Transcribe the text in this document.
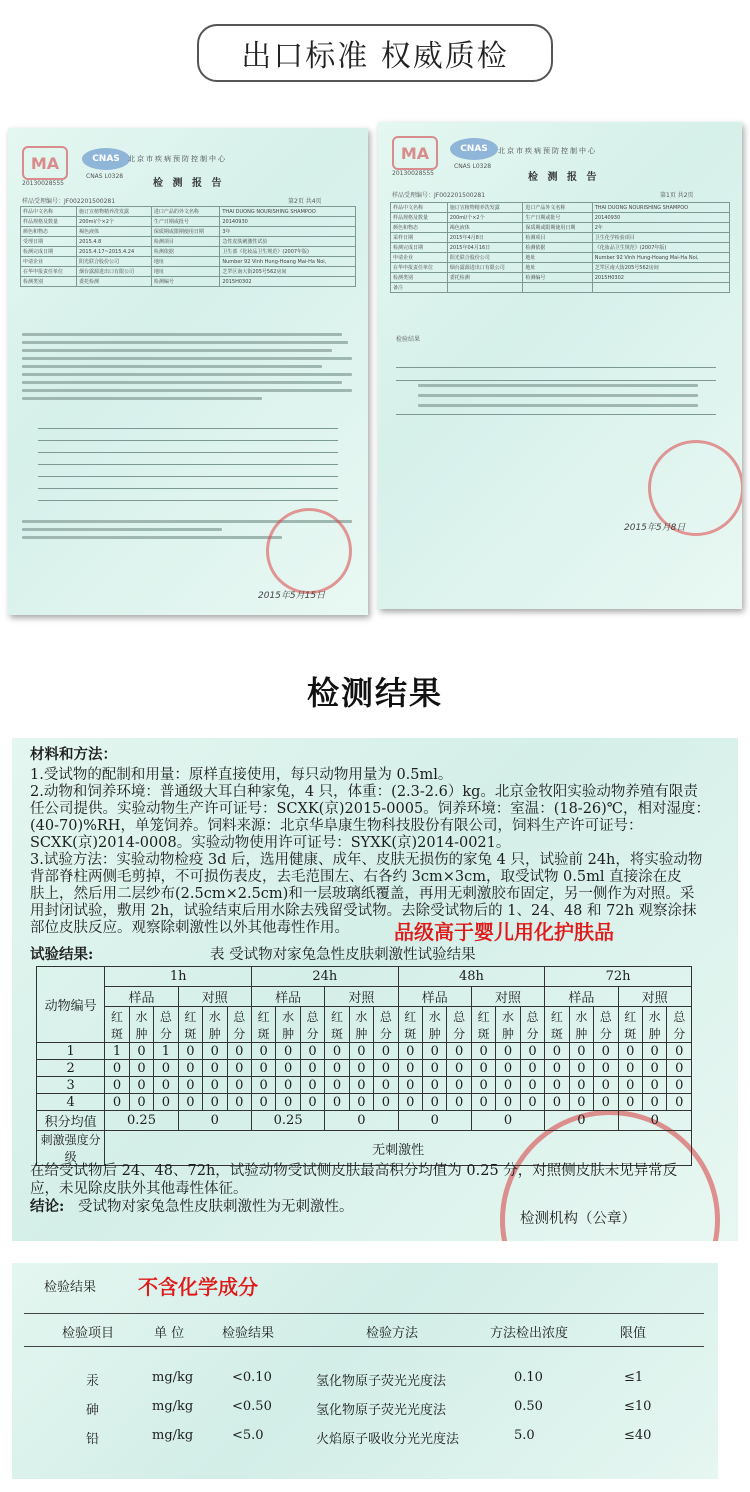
出口标准 权威质检
MA
20130028555
CNAS
CNAS L0328
北京市疾病预防控制中心
检 测 报 告
样品受理编号：JF002201500281	第2页 共4页
样品中文名称	施订宣植物精养洗发露	进口产品的外文名称	THAI DUONG NOURISHING SHAMPOO
样品规格及数量	200ml/个×2个	生产日期或批号	20140930
颜色和物态	褐色液体	保质期或限期使用日期	3年
受理日期	2015.4.8	检测项目	急性皮肤刺激性试验
检测完成日期	2015.4.17~2015.4.24	检测依据	卫生部《化妆品卫生规范》(2007年版)
申请企业	阳光联合股份公司	地址	Number 92 Vinh Hung-Hoang Mai-Ha Noi,
在华申报责任单位	烟台露源进出口有限公司	地址	芝罘区南大街205号562房间
检测类别	委托检测	检测编号	2015H0302
2015年5月15日
MA
20130028555
CNAS
CNAS L0328
北京市疾病预防控制中心
检 测 报 告
样品受理编号：JF002201500281	第1页 共2页
样品中文名称	施订宣植物精养洗发露	进口产品外文名称	THAI DUONG NOURISHING SHAMPOO
样品规格及数量	200ml/个×2个	生产日期或批号	20140930
颜色和物态	褐色液体	保质期或限期使用日期	2年
采样日期	2015年4月8日	检测项目	卫生化学检验项目
检测完成日期	2015年04月16日	检测依据	《化妆品卫生规范》(2007年版)
申请企业	阳光联合股份公司	地址	Number 92 Vinh Hung-Hoang Mai-Ha Noi,
在华申报责任单位	烟台露源进出口有限公司	地址	芝罘区南大街205号562房间
检测类别	委托检测	检测编号	2015H0302
备注			
检验结果
2015年5月8日
检测结果
材料和方法：
1.受试物的配制和用量：原样直接使用，每只动物用量为 0.5ml。
2.动物和饲养环境：普通级大耳白种家兔，4 只，体重：(2.3-2.6）kg。北京金牧阳实验动物养殖有限责
任公司提供。实验动物生产许可证号：SCXK(京)2015-0005。饲养环境：室温：(18-26)℃，相对湿度：
(40-70)%RH，单笼饲养。饲料来源：北京华阜康生物科技股份有限公司，饲料生产许可证号：
SCXK(京)2014-0008。实验动物使用许可证号：SYXK(京)2014-0021。
3.试验方法：实验动物检疫 3d 后，选用健康、成年、皮肤无损伤的家兔 4 只，试验前 24h，将实验动物
背部脊柱两侧毛剪掉，不可损伤表皮，去毛范围左、右各约 3cm×3cm，取受试物 0.5ml 直接涂在皮
肤上，然后用二层纱布(2.5cm×2.5cm)和一层玻璃纸覆盖，再用无刺激胶布固定，另一侧作为对照。采
用封闭试验，敷用 2h，试验结束后用水除去残留受试物。去除受试物后的 1、24、48 和 72h 观察涂抹
部位皮肤反应。观察除刺激性以外其他毒性作用。 品级高于婴儿用化护肤品
试验结果:	表 受试物对家兔急性皮肤刺激性试验结果
动物编号	1h						24h						48h						72h					
	样品			对照			样品			对照			样品			对照			样品			对照		
	红斑	水肿	总分	红斑	水肿	总分	红斑	水肿	总分	红斑	水肿	总分	红斑	水肿	总分	红斑	水肿	总分	红斑	水肿	总分	红斑	水肿	总分
1	1	0	1	0	0	0	0	0	0	0	0	0	0	0	0	0	0	0	0	0	0	0	0	0
2	0	0	0	0	0	0	0	0	0	0	0	0	0	0	0	0	0	0	0	0	0	0	0	0
3	0	0	0	0	0	0	0	0	0	0	0	0	0	0	0	0	0	0	0	0	0	0	0	0
4	0	0	0	0	0	0	0	0	0	0	0	0	0	0	0	0	0	0	0	0	0	0	0	0
积分均值	0.25			0			0.25			0			0			0			0			0		
刺激强度分级	无刺激性																							
在给受试物后 24、48、72h，试验动物受试侧皮肤最高积分均值为 0.25 分，对照侧皮肤未见异常反
应，未见除皮肤外其他毒性体征。
结论: 受试物对家兔急性皮肤刺激性为无刺激性。
检测机构（公章）
检验结果 不含化学成分
检验项目	单 位	检验结果	检验方法	方法检出浓度	限值
汞	mg/kg	<0.10	氢化物原子荧光光度法	0.10	≤1
砷	mg/kg	<0.50	氢化物原子荧光光度法	0.50	≤10
铅	mg/kg	<5.0	火焰原子吸收分光光度法	5.0	≤40
